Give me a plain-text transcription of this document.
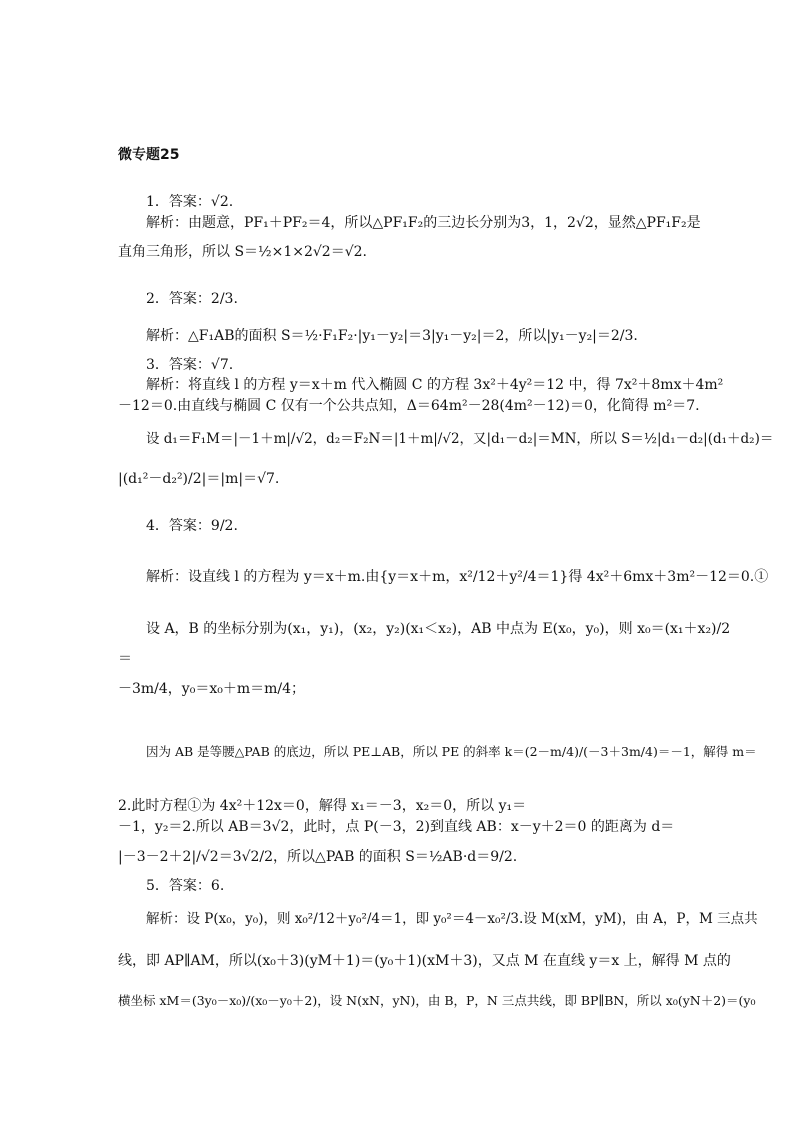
微专题25
1．答案：√2.
解析：由题意，PF₁＋PF₂＝4，所以△PF₁F₂的三边长分别为3，1，2√2，显然△PF₁F₂是
直角三角形，所以 S＝½×1×2√2＝√2.
2．答案：2/3.
解析：△F₁AB的面积 S＝½·F₁F₂·|y₁－y₂|＝3|y₁－y₂|＝2，所以|y₁－y₂|＝2/3.
3．答案：√7.
解析：将直线 l 的方程 y＝x＋m 代入椭圆 C 的方程 3x²＋4y²＝12 中，得 7x²＋8mx＋4m²
－12＝0.由直线与椭圆 C 仅有一个公共点知，Δ＝64m²－28(4m²－12)＝0，化简得 m²＝7.
设 d₁＝F₁M＝|－1＋m|/√2，d₂＝F₂N＝|1＋m|/√2，又|d₁－d₂|＝MN，所以 S＝½|d₁－d₂|(d₁＋d₂)＝
|(d₁²－d₂²)/2|＝|m|＝√7.
4．答案：9/2.
解析：设直线 l 的方程为 y＝x＋m.由{y＝x＋m，x²/12＋y²/4＝1}得 4x²＋6mx＋3m²－12＝0.①
设 A，B 的坐标分别为(x₁，y₁)，(x₂，y₂)(x₁＜x₂)，AB 中点为 E(x₀，y₀)，则 x₀＝(x₁＋x₂)/2
＝
－3m/4，y₀＝x₀＋m＝m/4；
因为 AB 是等腰△PAB 的底边，所以 PE⊥AB，所以 PE 的斜率 k＝(2－m/4)/(－3＋3m/4)＝－1，解得 m＝
2.此时方程①为 4x²＋12x＝0，解得 x₁＝－3，x₂＝0，所以 y₁＝
－1，y₂＝2.所以 AB＝3√2，此时，点 P(－3，2)到直线 AB：x－y＋2＝0 的距离为 d＝
|－3－2＋2|/√2＝3√2/2，所以△PAB 的面积 S＝½AB·d＝9/2.
5．答案：6.
解析：设 P(x₀，y₀)，则 x₀²/12＋y₀²/4＝1，即 y₀²＝4－x₀²/3.设 M(xM，yM)，由 A，P，M 三点共
线，即 AP∥AM，所以(x₀＋3)(yM＋1)＝(y₀＋1)(xM＋3)，又点 M 在直线 y＝x 上，解得 M 点的
横坐标 xM＝(3y₀－x₀)/(x₀－y₀＋2)，设 N(xN，yN)，由 B，P，N 三点共线，即 BP∥BN，所以 x₀(yN＋2)＝(y₀
